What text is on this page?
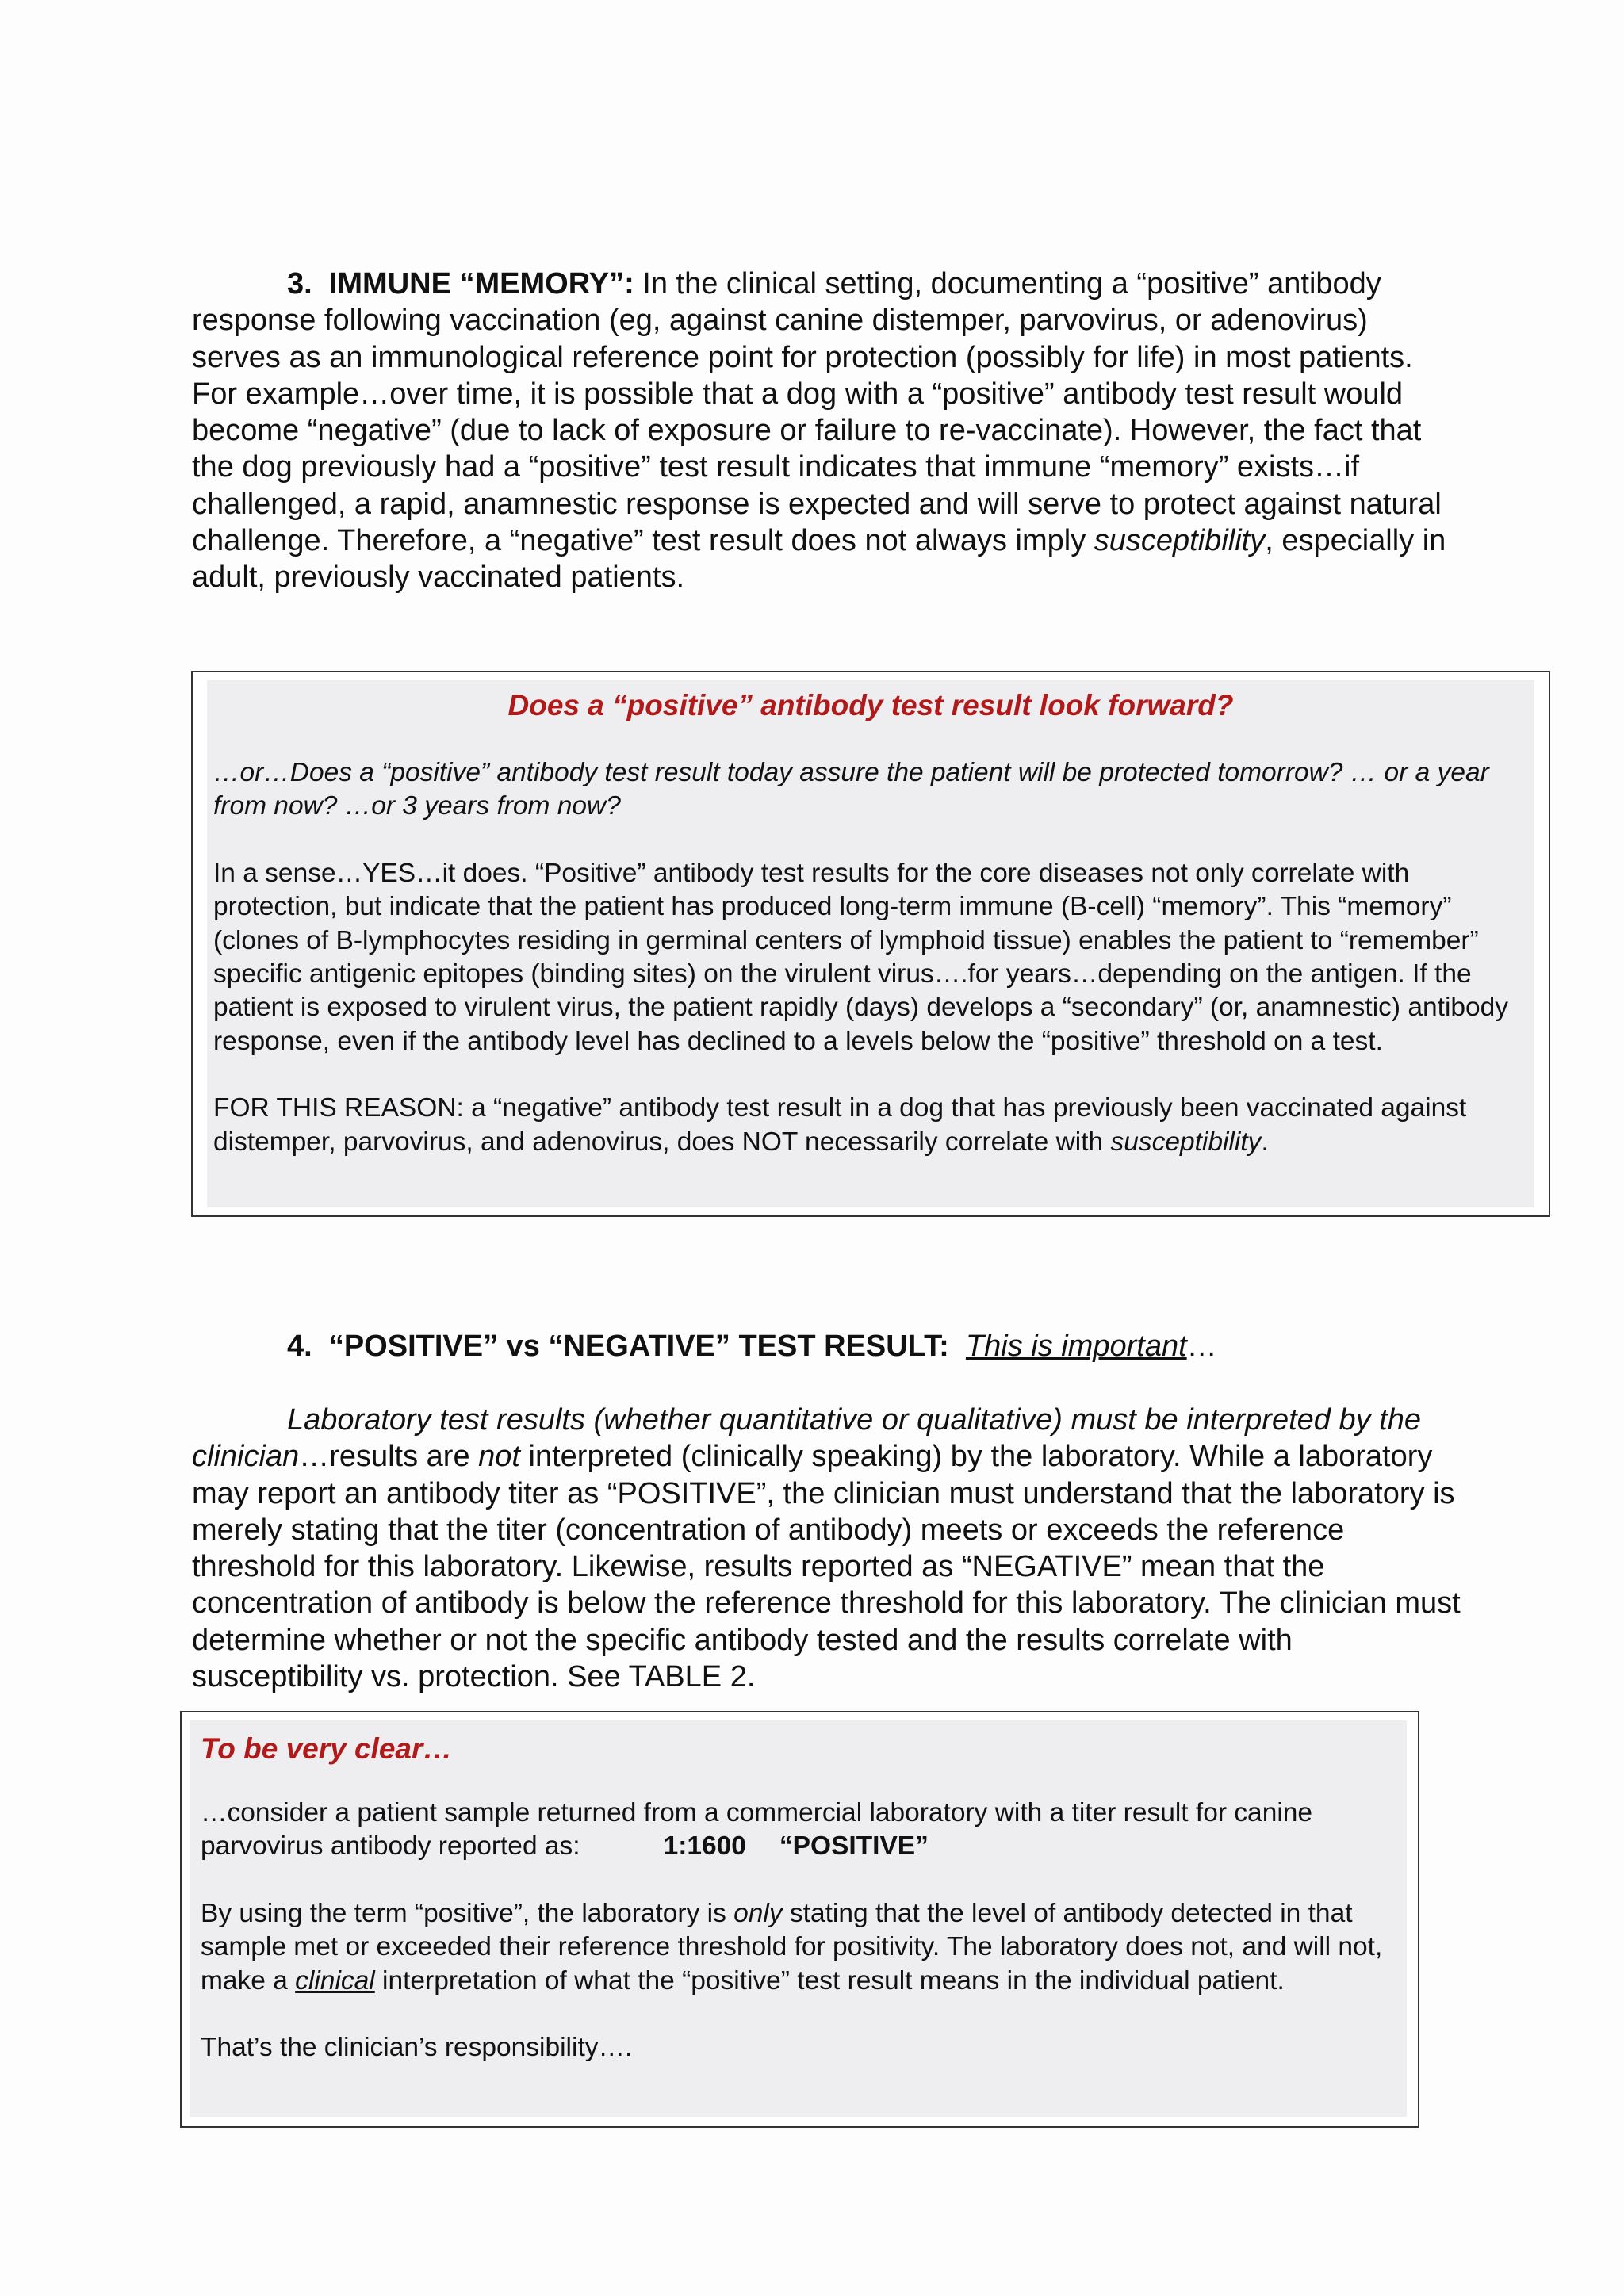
3. IMMUNE “MEMORY”: In the clinical setting, documenting a “positive” antibody response following vaccination (eg, against canine distemper, parvovirus, or adenovirus) serves as an immunological reference point for protection (possibly for life) in most patients. For example…over time, it is possible that a dog with a “positive” antibody test result would become “negative” (due to lack of exposure or failure to re-vaccinate). However, the fact that the dog previously had a “positive” test result indicates that immune “memory” exists…if challenged, a rapid, anamnestic response is expected and will serve to protect against natural challenge. Therefore, a “negative” test result does not always imply susceptibility, especially in adult, previously vaccinated patients.

Does a “positive” antibody test result look forward?

…or…Does a “positive” antibody test result today assure the patient will be protected tomorrow? … or a year from now? …or 3 years from now?

In a sense…YES…it does. “Positive” antibody test results for the core diseases not only correlate with protection, but indicate that the patient has produced long-term immune (B-cell) “memory”. This “memory” (clones of B-lymphocytes residing in germinal centers of lymphoid tissue) enables the patient to “remember” specific antigenic epitopes (binding sites) on the virulent virus….for years…depending on the antigen. If the patient is exposed to virulent virus, the patient rapidly (days) develops a “secondary” (or, anamnestic) antibody response, even if the antibody level has declined to a levels below the “positive” threshold on a test.

FOR THIS REASON: a “negative” antibody test result in a dog that has previously been vaccinated against distemper, parvovirus, and adenovirus, does NOT necessarily correlate with susceptibility.

4. “POSITIVE” vs “NEGATIVE” TEST RESULT: This is important…

Laboratory test results (whether quantitative or qualitative) must be interpreted by the clinician…results are not interpreted (clinically speaking) by the laboratory. While a laboratory may report an antibody titer as “POSITIVE”, the clinician must understand that the laboratory is merely stating that the titer (concentration of antibody) meets or exceeds the reference threshold for this laboratory. Likewise, results reported as “NEGATIVE” mean that the concentration of antibody is below the reference threshold for this laboratory. The clinician must determine whether or not the specific antibody tested and the results correlate with susceptibility vs. protection. See TABLE 2.

To be very clear…

…consider a patient sample returned from a commercial laboratory with a titer result for canine parvovirus antibody reported as:	1:1600 “POSITIVE”

By using the term “positive”, the laboratory is only stating that the level of antibody detected in that sample met or exceeded their reference threshold for positivity. The laboratory does not, and will not, make a clinical interpretation of what the “positive” test result means in the individual patient.

That’s the clinician’s responsibility….
